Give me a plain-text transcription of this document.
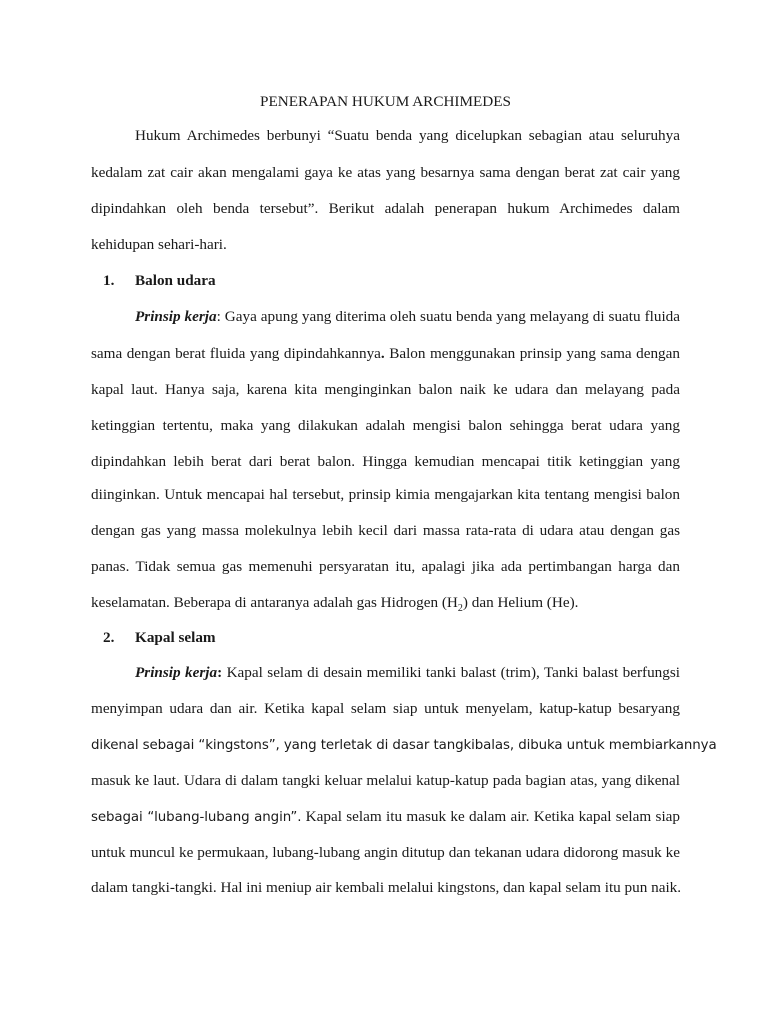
PENERAPAN HUKUM ARCHIMEDES
Hukum Archimedes berbunyi “Suatu benda yang dicelupkan sebagian atau seluruhya
kedalam zat cair akan mengalami gaya ke atas yang besarnya sama dengan berat zat cair yang
dipindahkan oleh benda tersebut”. Berikut adalah penerapan hukum Archimedes dalam
kehidupan sehari-hari.
1. Balon udara
Prinsip kerja: Gaya apung yang diterima oleh suatu benda yang melayang di suatu fluida
sama dengan berat fluida yang dipindahkannya. Balon menggunakan prinsip yang sama dengan
kapal laut. Hanya saja, karena kita menginginkan balon naik ke udara dan melayang pada
ketinggian tertentu, maka yang dilakukan adalah mengisi balon sehingga berat udara yang
dipindahkan lebih berat dari berat balon. Hingga kemudian mencapai titik ketinggian yang
diinginkan. Untuk mencapai hal tersebut, prinsip kimia mengajarkan kita tentang mengisi balon
dengan gas yang massa molekulnya lebih kecil dari massa rata-rata di udara atau dengan gas
panas. Tidak semua gas memenuhi persyaratan itu, apalagi jika ada pertimbangan harga dan
keselamatan. Beberapa di antaranya adalah gas Hidrogen $(H_2)$ dan Helium (He).
2. Kapal selam
Prinsip kerja: Kapal selam di desain memiliki tanki balast (trim), Tanki balast berfungsi
menyimpan udara dan air. Ketika kapal selam siap untuk menyelam, katup-katup besaryang
dikenal sebagai “kingstons”, yang terletak di dasar tangkibalas, dibuka untuk membiarkannya
masuk ke laut. Udara di dalam tangki keluar melalui katup-katup pada bagian atas, yang dikenal
sebagai “lubang-lubang angin”. Kapal selam itu masuk ke dalam air. Ketika kapal selam siap
untuk muncul ke permukaan, lubang-lubang angin ditutup dan tekanan udara didorong masuk ke
dalam tangki-tangki. Hal ini meniup air kembali melalui kingstons, dan kapal selam itu pun naik.
